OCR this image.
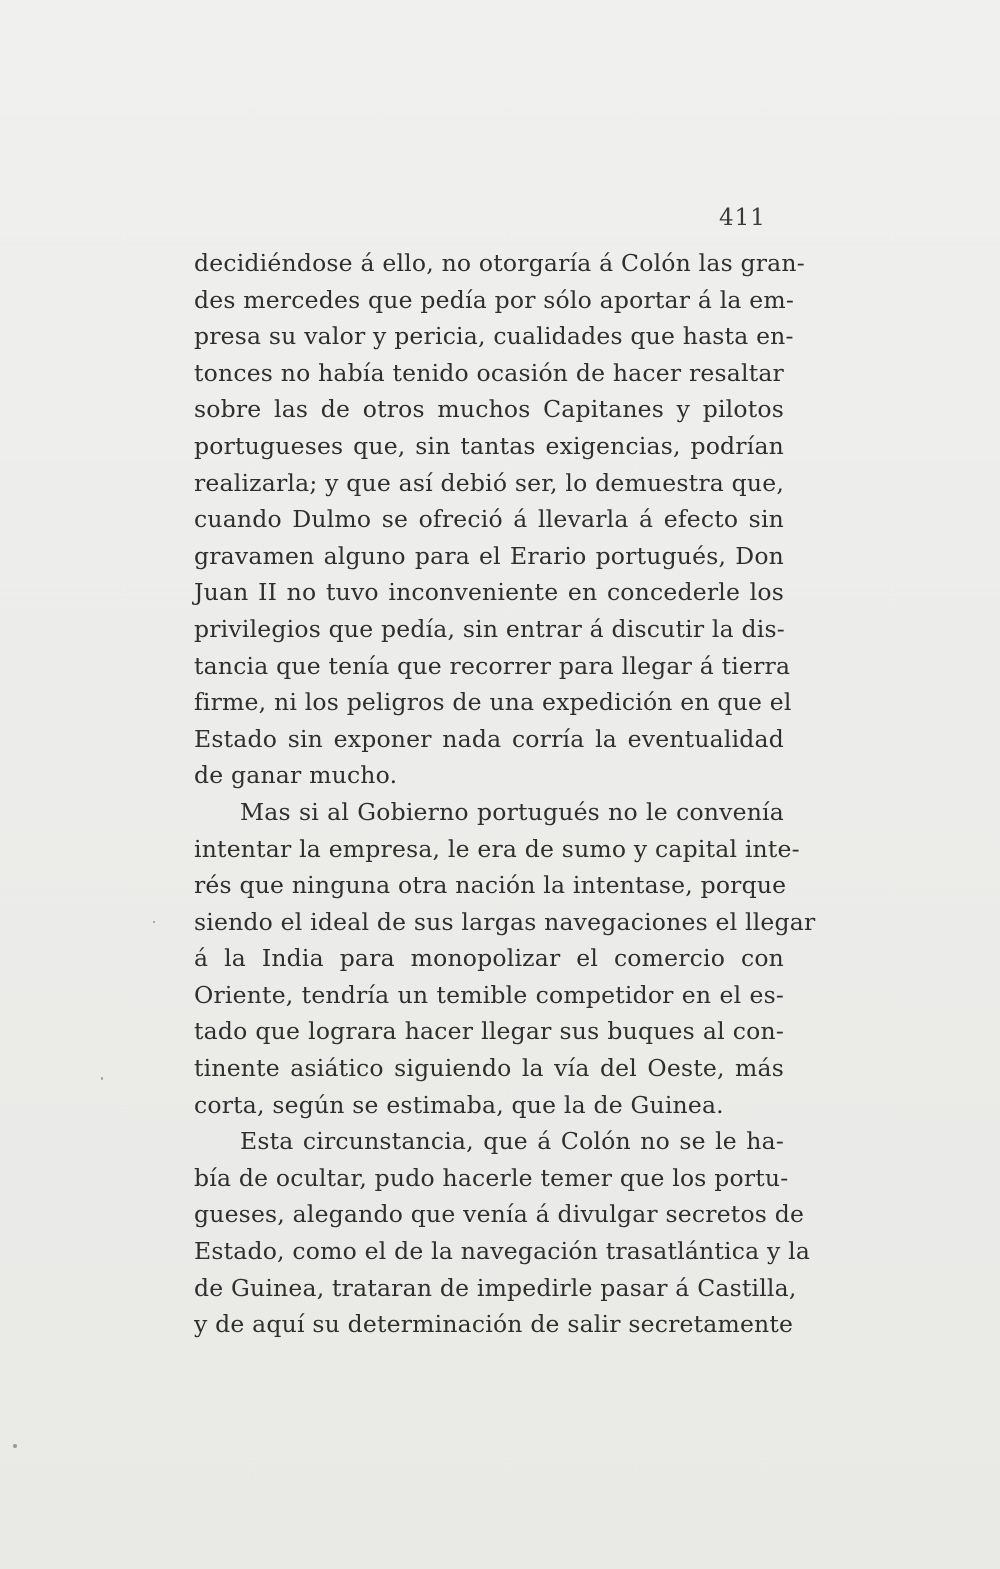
411
decidiéndose á ello, no otorgaría á Colón las gran-
des mercedes que pedía por sólo aportar á la em-
presa su valor y pericia, cualidades que hasta en-
tonces no había tenido ocasión de hacer resaltar
sobre las de otros muchos Capitanes y pilotos
portugueses que, sin tantas exigencias, podrían
realizarla; y que así debió ser, lo demuestra que,
cuando Dulmo se ofreció á llevarla á efecto sin
gravamen alguno para el Erario portugués, Don
Juan II no tuvo inconveniente en concederle los
privilegios que pedía, sin entrar á discutir la dis-
tancia que tenía que recorrer para llegar á tierra
firme, ni los peligros de una expedición en que el
Estado sin exponer nada corría la eventualidad
de ganar mucho.
Mas si al Gobierno portugués no le convenía
intentar la empresa, le era de sumo y capital inte-
rés que ninguna otra nación la intentase, porque
siendo el ideal de sus largas navegaciones el llegar
á la India para monopolizar el comercio con
Oriente, tendría un temible competidor en el es-
tado que lograra hacer llegar sus buques al con-
tinente asiático siguiendo la vía del Oeste, más
corta, según se estimaba, que la de Guinea.
Esta circunstancia, que á Colón no se le ha-
bía de ocultar, pudo hacerle temer que los portu-
gueses, alegando que venía á divulgar secretos de
Estado, como el de la navegación trasatlántica y la
de Guinea, trataran de impedirle pasar á Castilla,
y de aquí su determinación de salir secretamente
